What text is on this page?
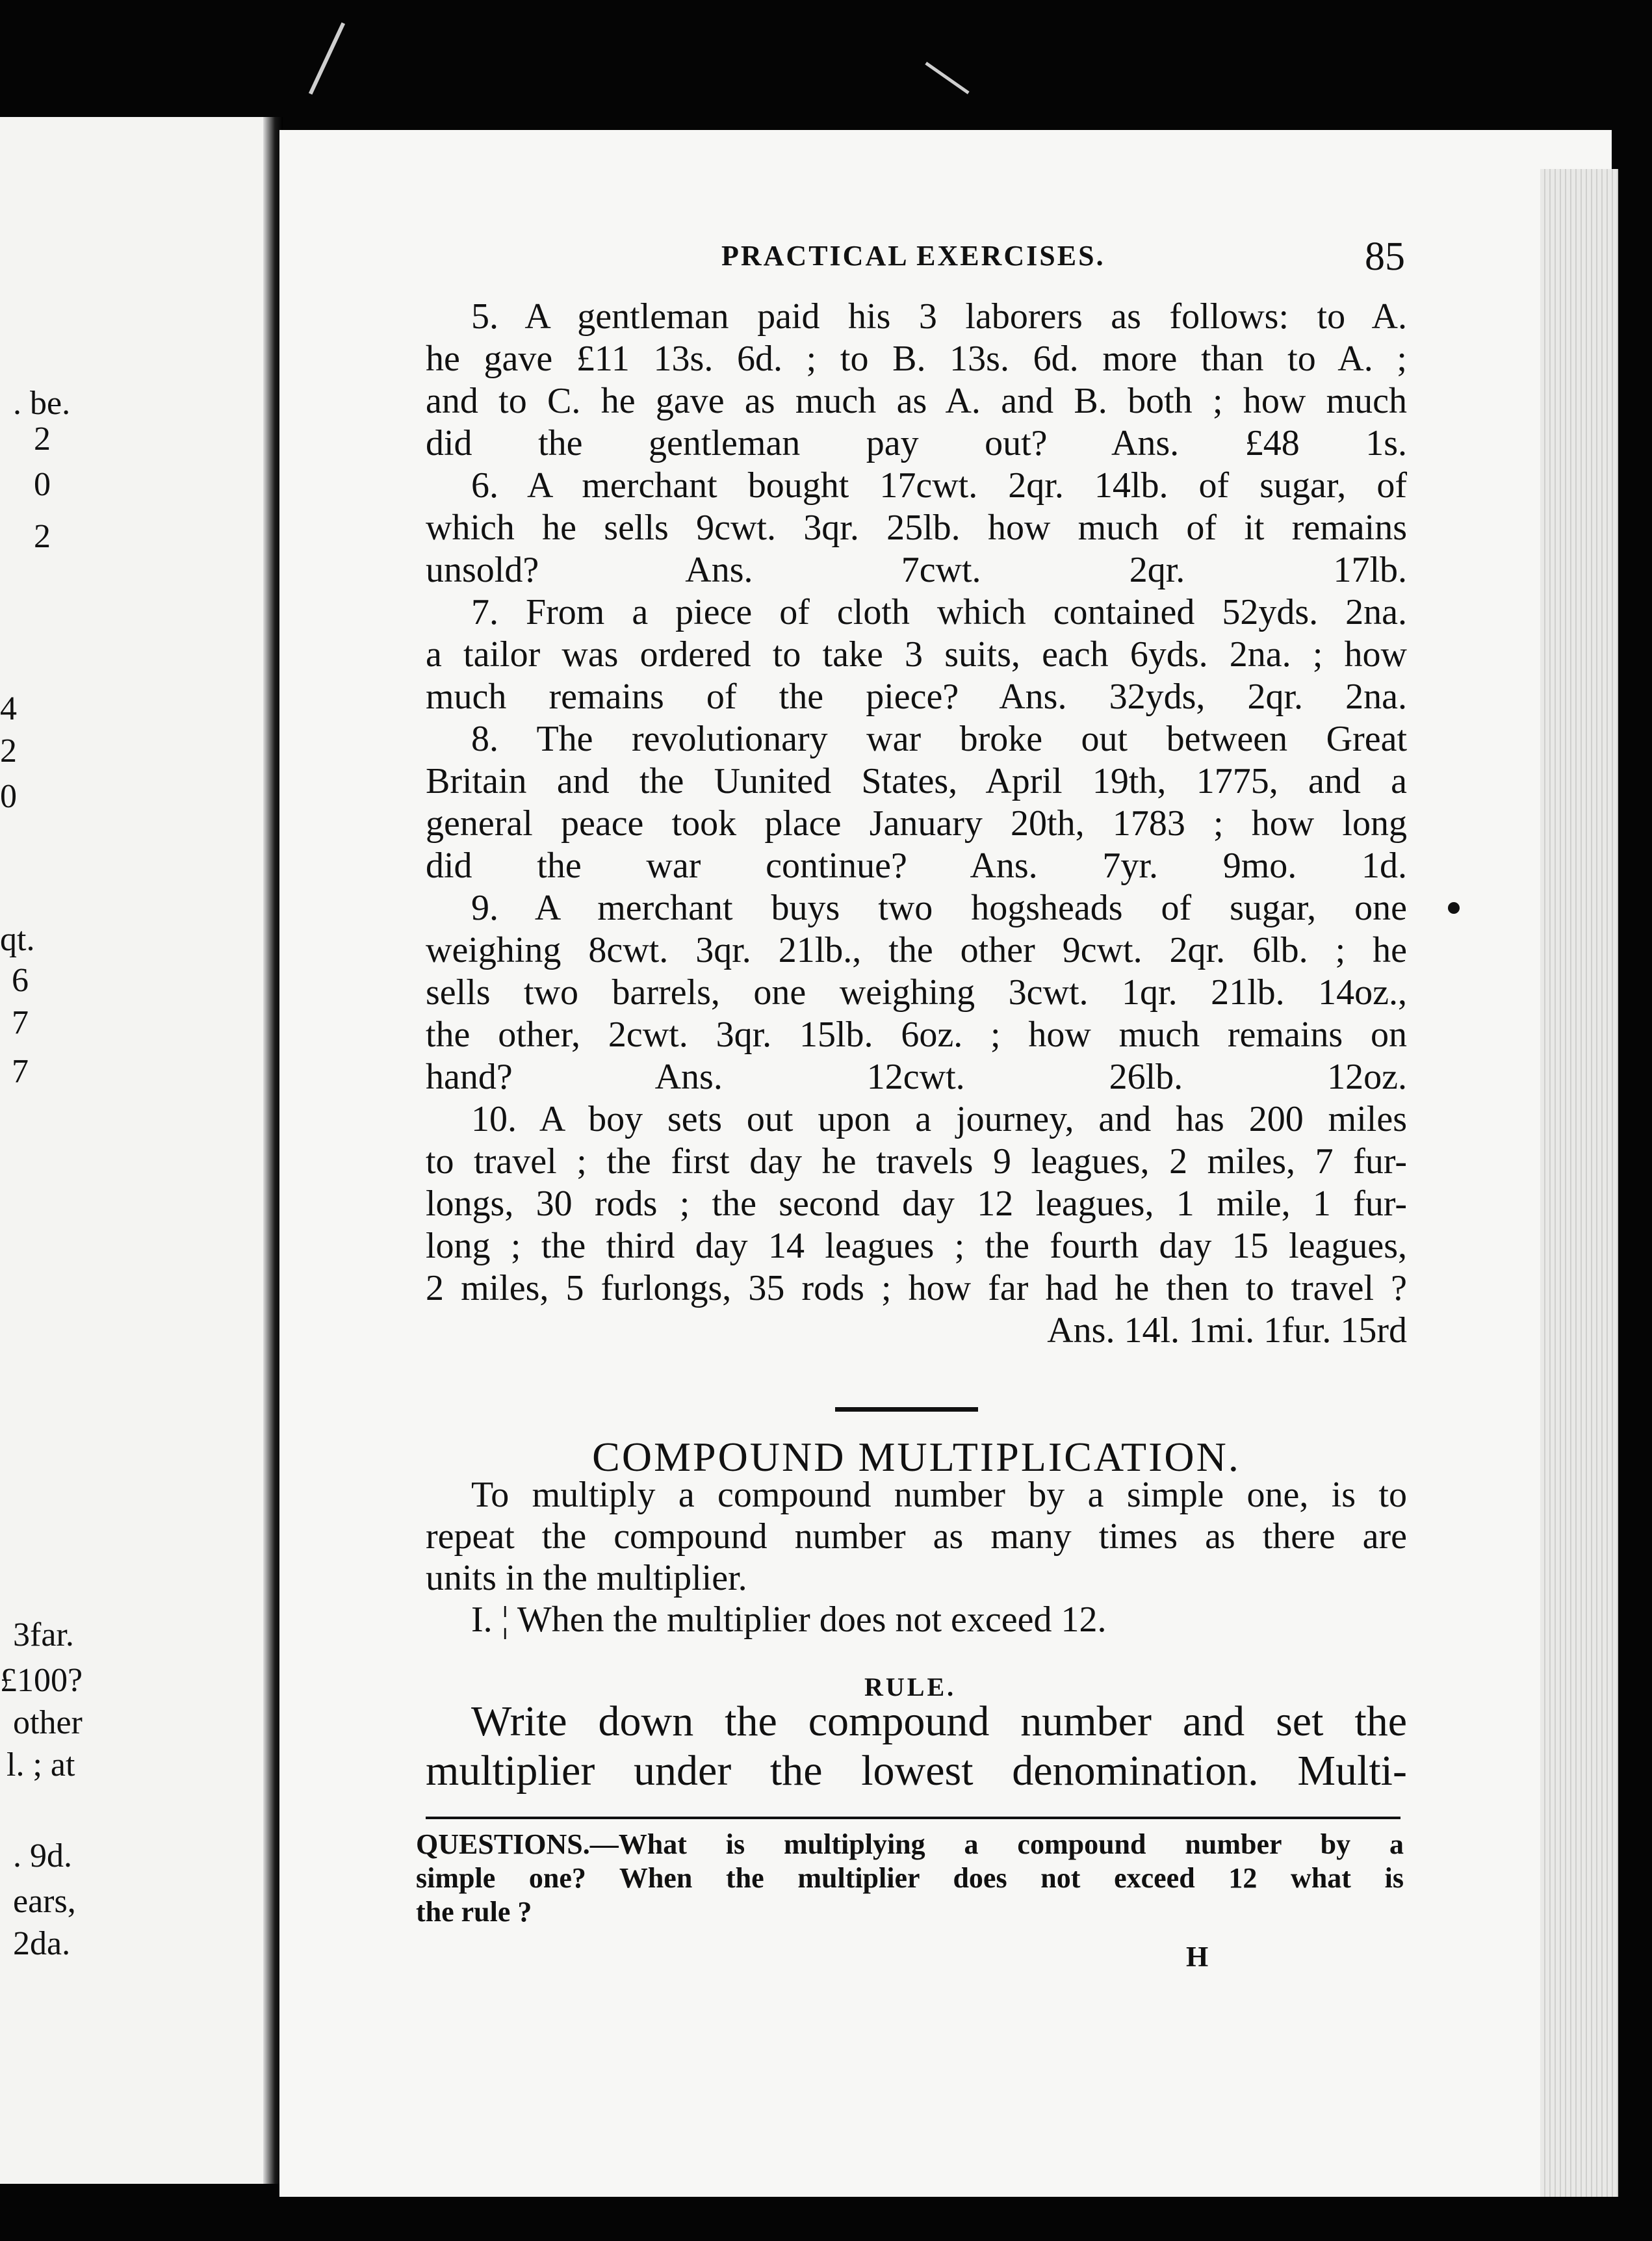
. be.
2
0
2
4
2
0
qt.
6
7
7
3far.
£100?
other
l. ; at
. 9d.
ears,
2da.
PRACTICAL EXERCISES.	85
5. A gentleman paid his 3 laborers as follows: to A.
he gave £11 13s. 6d. ; to B. 13s. 6d. more than to A. ;
and to C. he gave as much as A. and B. both ; how much
did the gentleman pay out? Ans. £48 1s.
6. A merchant bought 17cwt. 2qr. 14lb. of sugar, of
which he sells 9cwt. 3qr. 25lb. how much of it remains
unsold? Ans. 7cwt. 2qr. 17lb.
7. From a piece of cloth which contained 52yds. 2na.
a tailor was ordered to take 3 suits, each 6yds. 2na. ; how
much remains of the piece? Ans. 32yds, 2qr. 2na.
8. The revolutionary war broke out between Great
Britain and the Uunited States, April 19th, 1775, and a
general peace took place January 20th, 1783 ; how long
did the war continue? Ans. 7yr. 9mo. 1d.
9. A merchant buys two hogsheads of sugar, one
weighing 8cwt. 3qr. 21lb., the other 9cwt. 2qr. 6lb. ; he
sells two barrels, one weighing 3cwt. 1qr. 21lb. 14oz.,
the other, 2cwt. 3qr. 15lb. 6oz. ; how much remains on
hand? Ans. 12cwt. 26lb. 12oz.
10. A boy sets out upon a journey, and has 200 miles
to travel ; the first day he travels 9 leagues, 2 miles, 7 fur-
longs, 30 rods ; the second day 12 leagues, 1 mile, 1 fur-
long ; the third day 14 leagues ; the fourth day 15 leagues,
2 miles, 5 furlongs, 35 rods ; how far had he then to travel ?
Ans. 14l. 1mi. 1fur. 15rd
COMPOUND MULTIPLICATION.
To multiply a compound number by a simple one, is to
repeat the compound number as many times as there are
units in the multiplier.
I. ¦ When the multiplier does not exceed 12.
RULE.
Write down the compound number and set the
multiplier under the lowest denomination. Multi-
QUESTIONS.—What is multiplying a compound number by a
simple one? When the multiplier does not exceed 12 what is
the rule ?
H
